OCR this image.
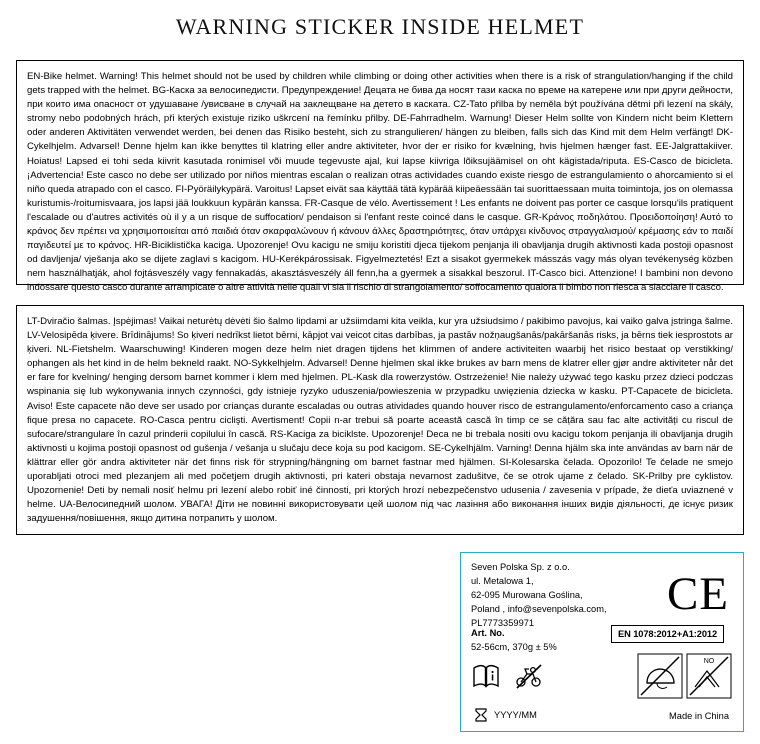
WARNING STICKER INSIDE HELMET

EN-Bike helmet. Warning! This helmet should not be used by children while climbing or doing other activities when there is a risk of strangulation/hanging if the child gets trapped with the helmet. BG-Каска за велосипедисти. Предупреждение! Децата не бива да носят тази каска по време на катерене или при други дейности, при които има опасност от удушаване /увисване в случай на заклещване на детето в каската. CZ-Tato přilba by neměla být používána dětmi při lezení na skály, stromy nebo podobných hrách, při kterých existuje riziko uškrcení na řemínku přilby. DE-Fahrradhelm. Warnung! Dieser Helm sollte von Kindern nicht beim Klettern oder anderen Aktivitäten verwendet werden, bei denen das Risiko besteht, sich zu strangulieren/ hängen zu bleiben, falls sich das Kind mit dem Helm verfängt! DK-Cykelhjelm. Advarsel! Denne hjelm kan ikke benyttes til klatring eller andre aktiviteter, hvor der er risiko for kvælning, hvis hjelmen hænger fast. EE-Jalgrattakiiver. Hoiatus! Lapsed ei tohi seda kiivrit kasutada ronimisel või muude tegevuste ajal, kui lapse kiivriga lõiksujäämisel on oht kägistada/riputa. ES-Casco de bicicleta. ¡Advertencia! Este casco no debe ser utilizado por niños mientras escalan o realizan otras actividades cuando existe riesgo de estrangulamiento o ahorcamiento si el niño queda atrapado con el casco. FI-Pyöräilykypärä. Varoitus! Lapset eivät saa käyttää tätä kypärää kiipeäessään tai suorittaessaan muita toimintoja, jos on olemassa kuristumis-/roitumisvaara, jos lapsi jää loukkuun kypärän kanssa. FR-Casque de vélo. Avertissement ! Les enfants ne doivent pas porter ce casque lorsqu'ils pratiquent l'escalade ou d'autres activités où il y a un risque de suffocation/ pendaison si l'enfant reste coincé dans le casque. GR-Κράνος ποδηλάτου. Προειδοποίηση! Αυτό το κράνος δεν πρέπει να χρησιμοποιείται από παιδιά όταν σκαρφαλώνουν ή κάνουν άλλες δραστηριότητες, όταν υπάρχει κίνδυνος στραγγαλισμού/ κρέμασης εάν το παιδί παγιδευτεί με το κράνος. HR-Biciklistička kaciga. Upozorenje! Ovu kacigu ne smiju koristiti djeca tijekom penjanja ili obavljanja drugih aktivnosti kada postoji opasnost od davljenja/ vješanja ako se dijete zaglavi s kacigom. HU-Kerékpárossisak. Figyelmeztetés! Ezt a sisakot gyermekek másszás vagy más olyan tevékenység közben nem használhatják, ahol fojtásveszély vagy fennakadás, akasztásveszély áll fenn,ha a gyermek a sisakkal beszorul. IT-Casco bici. Attenzione! I bambini non devono indossare questo casco durante arrampicate o altre attività nelle quali vi sia il rischio di strangolamento/ soffocamento qualora il bimbo non riesca a slacciare il casco.

LT-Dviračio šalmas. Įspėjimas! Vaikai neturėtų dėvėti šio šalmo lipdami ar užsiimdami kita veikla, kur yra užsiudsimo / pakibimo pavojus, kai vaiko galva įstringa šalme. LV-Velosipēda ķivere. Brīdinājums! So ķiveri nedrīkst lietot bērni, kāpjot vai veicot citas darbības, ja pastāv nožņaugšanās/pakāršanās risks, ja bērns tiek iesprostots ar ķiveri. NL-Fietshelm. Waarschuwing! Kinderen mogen deze helm niet dragen tijdens het klimmen of andere activiteiten waarbij het risico bestaat op verstikking/ ophangen als het kind in de helm bekneld raakt. NO-Sykkelhjelm. Advarsel! Denne hjelmen skal ikke brukes av barn mens de klatrer eller gjør andre aktiviteter når det er fare for kvelning/ henging dersom barnet kommer i klem med hjelmen. PL-Kask dla rowerzystów. Ostrzeżenie! Nie należy używać tego kasku przez dzieci podczas wspinania się lub wykonywania innych czynności, gdy istnieje ryzyko uduszenia/powieszenia w przypadku uwięzienia dziecka w kasku. PT-Capacete de bicicleta. Aviso! Este capacete não deve ser usado por crianças durante escaladas ou outras atividades quando houver risco de estrangulamento/enforcamento caso a criança fique presa no capacete. RO-Casca pentru ciclişti. Avertisment! Copii n-ar trebui să poarte această cască în timp ce se cățăra sau fac alte activități cu riscul de sufocare/strangulare în cazul prinderii copilului în cască. RS-Kaciga za biciklste. Upozorenje! Deca ne bi trebala nositi ovu kacigu tokom penjanja ili obavljanja drugih aktivnosti u kojima postoji opasnost od gušenja / vešanja u slučaju dece koja su pod kacigom. SE-Cykelhjälm. Varning! Denna hjälm ska inte användas av barn när de klättrar eller gör andra aktiviteter när det finns risk för strypning/hängning om barnet fastnar med hjälmen. SI-Kolesarska čelada. Opozorilo! Te čelade ne smejo uporabljati otroci med plezanjem ali med početjem drugih aktivnosti, pri kateri obstaja nevarnost zadušitve, če se otrok ujame z čelado. SK-Prilby pre cyklistov. Upozornenie! Deti by nemali nosiť helmu pri lezení alebo robiť iné činnosti, pri ktorých hrozí nebezpečenstvo udusenia / zavesenia v prípade, že dieťa uviaznené v helme. UA-Велосипедний шолом. УВАГА! Діти не повинні використовувати цей шолом під час лазіння або виконання інших видів діяльності, де існує ризик задушення/повішення, якщо дитина потрапить у шолом.

Seven Polska Sp. z o.o.
ul. Metalowa 1,
62-095 Murowana Goślina,
Poland , info@sevenpolska.com,
PL7773359971
CE
Art. No.
52-56cm, 370g ± 5%
EN 1078:2012+A1:2012
NO
YYYY/MM	Made in China
